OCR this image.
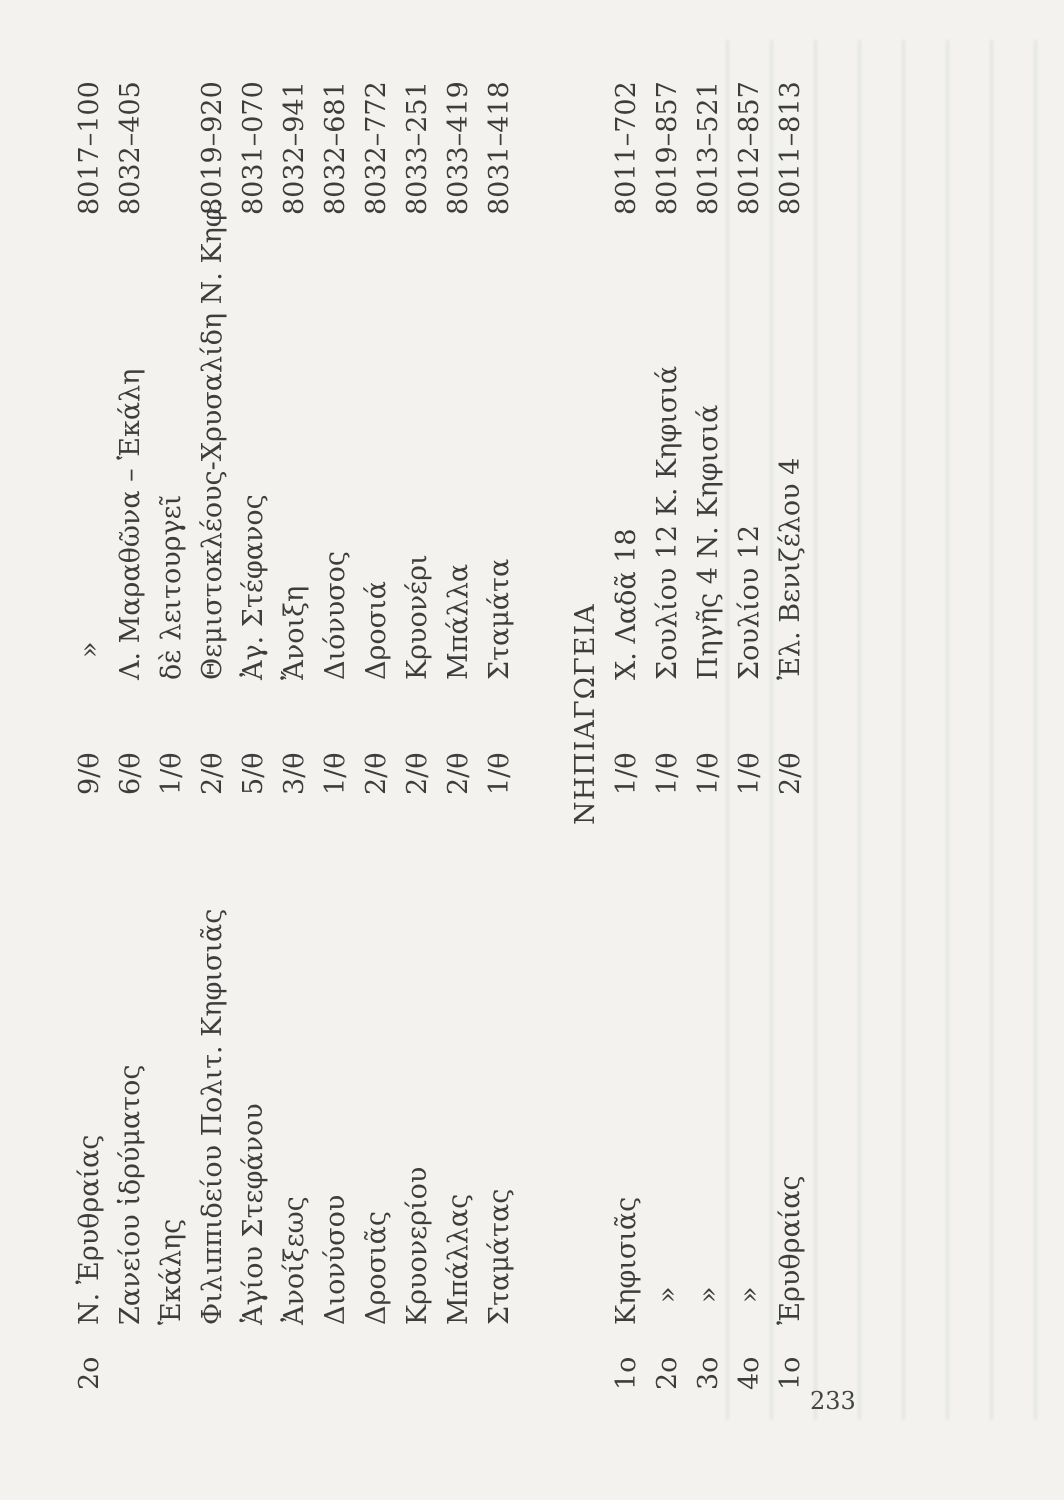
2ο
Ν. Ἐρυθραίας
9/θ
»
8017–100
Ζανείου ἱδρύματος
6/θ
Λ. Μαραθῶνα – Ἑκάλη
8032–405
Ἑκάλης
1/θ
δὲ λειτουργεῖ
Φιλιππιδείου Πολιτ. Κηφισιᾶς
2/θ
Θεμιστοκλέους-Χρυσαλίδη Ν. Κηφ.
8019–920
Ἁγίου Στεφάνου
5/θ
Ἀγ. Στέφανος
8031–070
Ἀνοίξεως
3/θ
Ἄνοιξη
8032–941
Διονύσου
1/θ
Διόνυσος
8032–681
Δροσιᾶς
2/θ
Δροσιά
8032–772
Κρυονερίου
2/θ
Κρυονέρι
8033–251
Μπάλλας
2/θ
Μπάλλα
8033–419
Σταμάτας
1/θ
Σταμάτα
8031–418
ΝΗΠΙΑΓΩΓΕΙΑ
1ο
Κηφισιᾶς
1/θ
Χ. Λαδᾶ 18
8011–702
2ο
»
1/θ
Σουλίου 12 Κ. Κηφισιά
8019–857
3ο
»
1/θ
Πηγῆς 4 Ν. Κηφισιά
8013–521
4ο
»
1/θ
Σουλίου 12
8012–857
1ο
Ἐρυθραίας
2/θ
Ἐλ. Βενιζέλου 4
8011–813
233
